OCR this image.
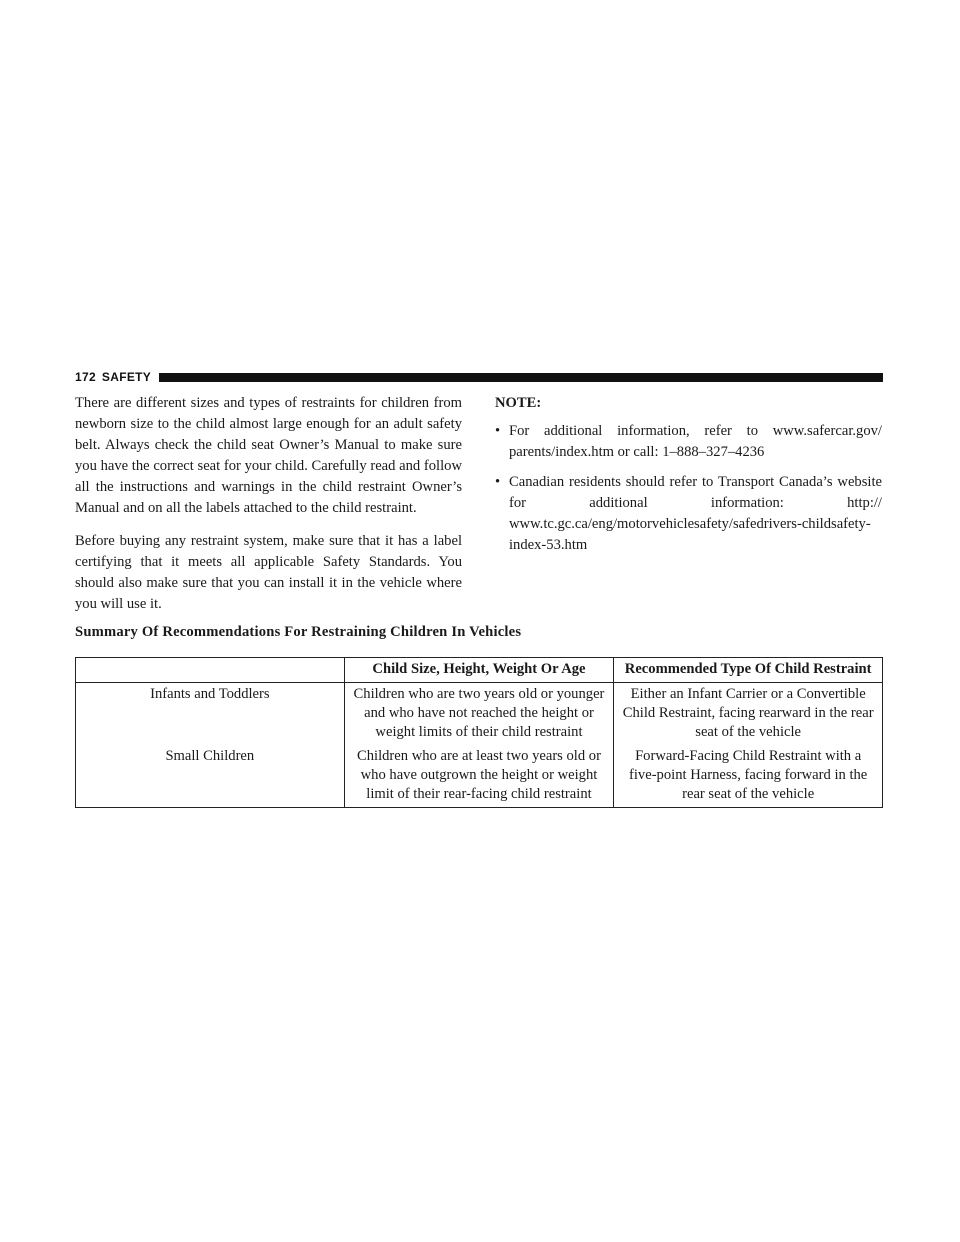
172 SAFETY

There are different sizes and types of restraints for children from newborn size to the child almost large enough for an adult safety belt. Always check the child seat Owner’s Manual to make sure you have the correct seat for your child. Carefully read and follow all the instructions and warnings in the child restraint Owner’s Manual and on all the labels attached to the child restraint.

Before buying any restraint system, make sure that it has a label certifying that it meets all applicable Safety Standards. You should also make sure that you can install it in the vehicle where you will use it.

NOTE:
• For additional information, refer to www.safercar.gov/ parents/index.htm or call: 1–888–327–4236
• Canadian residents should refer to Transport Canada’s website for additional information: http:// www.tc.gc.ca/eng/motorvehiclesafety/safedrivers-childsafety-index-53.htm
Summary Of Recommendations For Restraining Children In Vehicles
	Child Size, Height, Weight Or Age	Recommended Type Of Child Restraint
Infants and Toddlers	Children who are two years old or younger and who have not reached the height or weight limits of their child restraint	Either an Infant Carrier or a Convertible Child Restraint, facing rearward in the rear seat of the vehicle
Small Children	Children who are at least two years old or who have outgrown the height or weight limit of their rear-facing child restraint	Forward-Facing Child Restraint with a five-point Harness, facing forward in the rear seat of the vehicle
